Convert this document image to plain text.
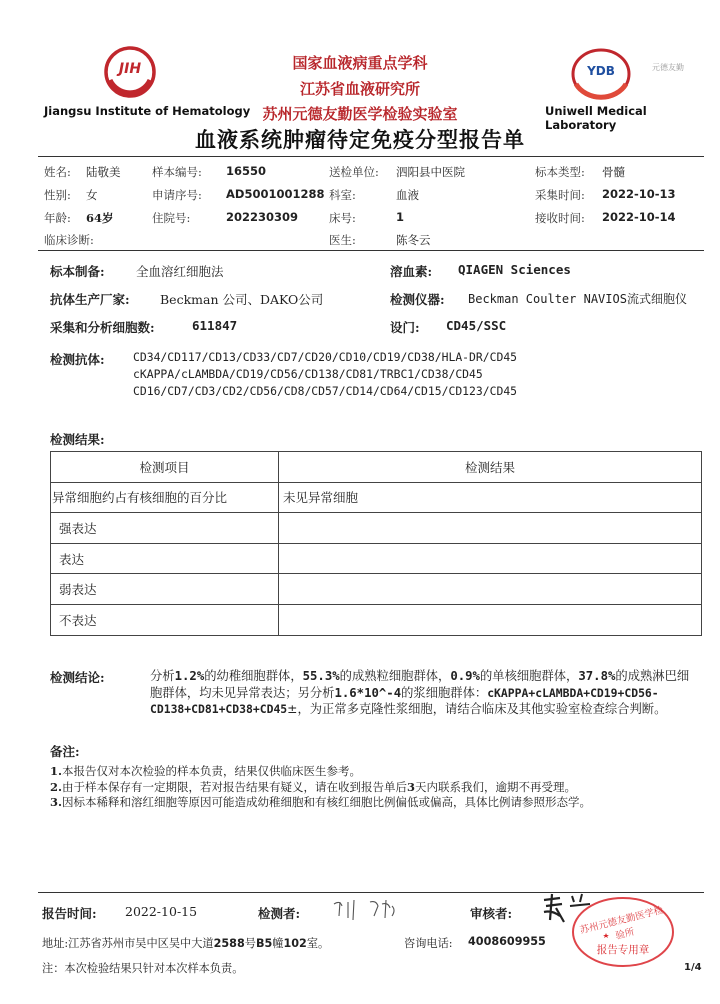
JIH
Jiangsu Institute of Hematology
国家血液病重点学科
江苏省血液研究所
苏州元德友勤医学检验实验室
YDB	元德友勤
Uniwell Medical Laboratory
血液系统肿瘤待定免疫分型报告单
姓名: 陆敬美	样本编号: 16550	送检单位: 泗阳县中医院	标本类型: 骨髓
性别: 女	申请序号: AD5001001288 科室:	血液	采集时间: 2022-10-13
年龄: 64岁	住院号:	202230309	床号:	1	接收时间: 2022-10-14
临床诊断:	医生:	陈冬云
标本制备:	全血溶红细胞法	溶血素: QIAGEN Sciences
抗体生产厂家: Beckman 公司、DAKO公司	检测仪器: Beckman Coulter NAVIOS流式细胞仪
采集和分析细胞数:	611847	设门: CD45/SSC
检测抗体: CD34/CD117/CD13/CD33/CD7/CD20/CD10/CD19/CD38/HLA-DR/CD45
cKAPPA/cLAMBDA/CD19/CD56/CD138/CD81/TRBC1/CD38/CD45
CD16/CD7/CD3/CD2/CD56/CD8/CD57/CD14/CD64/CD15/CD123/CD45
检测结果:
检测项目	检测结果
异常细胞约占有核细胞的百分比	未见异常细胞
强表达	
表达	
弱表达	
不表达	
检测结论:	分析1.2%的幼稚细胞群体，55.3%的成熟粒细胞群体，0.9%的单核细胞群体，37.8%的成熟淋巴细胞群体，均未见异常表达；另分析1.6*10^-4的浆细胞群体：cKAPPA+cLAMBDA+CD19+CD56-CD138+CD81+CD38+CD45±，为正常多克隆性浆细胞，请结合临床及其他实验室检查综合判断。
备注:
1.本报告仅对本次检验的样本负责，结果仅供临床医生参考。
2.由于样本保存有一定期限，若对报告结果有疑义，请在收到报告单后3天内联系我们，逾期不再受理。
3.因标本稀释和溶红细胞等原因可能造成幼稚细胞和有核红细胞比例偏低或偏高，具体比例请参照形态学。
报告时间: 2022-10-15	检测者:	审核者:	苏州元德友勤医学检验所
报告专用章
地址:江苏省苏州市吴中区吴中大道2588号B5幢102室。	咨询电话: 4008609955
注：本次检验结果只针对本次样本负责。	1/4
